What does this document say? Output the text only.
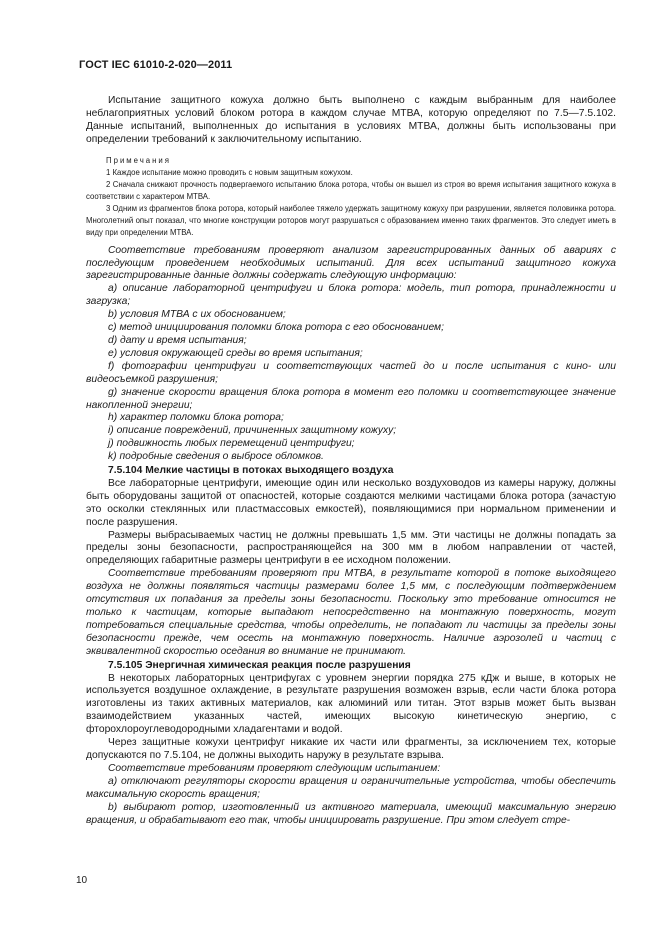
ГОСТ IEC 61010-2-020—2011

Испытание защитного кожуха должно быть выполнено с каждым выбранным для наиболее неблагоприятных условий блоком ротора в каждом случае МТВА, которую определяют по 7.5—7.5.102. Данные испытаний, выполненных до испытания в условиях МТВА, должны быть использованы при определении требований к заключительному испытанию.

Примечания

1 Каждое испытание можно проводить с новым защитным кожухом.

2 Сначала снижают прочность подвергаемого испытанию блока ротора, чтобы он вышел из строя во время испытания защитного кожуха в соответствии с характером МТВА.

3 Одним из фрагментов блока ротора, который наиболее тяжело удержать защитному кожуху при разрушении, является половинка ротора. Многолетний опыт показал, что многие конструкции роторов могут разрушаться с образованием именно таких фрагментов. Это следует иметь в виду при определении МТВА.

Соответствие требованиям проверяют анализом зарегистрированных данных об авариях с последующим проведением необходимых испытаний. Для всех испытаний защитного кожуха зарегистрированные данные должны содержать следующую информацию:

a) описание лабораторной центрифуги и блока ротора: модель, тип ротора, принадлежности и загрузка;

b) условия МТВА с их обоснованием;

c) метод инициирования поломки блока ротора с его обоснованием;

d) дату и время испытания;

e) условия окружающей среды во время испытания;

f) фотографии центрифуги и соответствующих частей до и после испытания с кино- или видеосъемкой разрушения;

g) значение скорости вращения блока ротора в момент его поломки и соответствующее значение накопленной энергии;

h) характер поломки блока ротора;

i) описание повреждений, причиненных защитному кожуху;

j) подвижность любых перемещений центрифуги;

k) подробные сведения о выбросе обломков.

7.5.104 Мелкие частицы в потоках выходящего воздуха

Все лабораторные центрифуги, имеющие один или несколько воздуховодов из камеры наружу, должны быть оборудованы защитой от опасностей, которые создаются мелкими частицами блока ротора (зачастую это осколки стеклянных или пластмассовых емкостей), появляющимися при нормальном применении и после разрушения.

Размеры выбрасываемых частиц не должны превышать 1,5 мм. Эти частицы не должны попадать за пределы зоны безопасности, распространяющейся на 300 мм в любом направлении от частей, определяющих габаритные размеры центрифуги в ее исходном положении.

Соответствие требованиям проверяют при МТВА, в результате которой в потоке выходящего воздуха не должны появляться частицы размерами более 1,5 мм, с последующим подтверждением отсутствия их попадания за пределы зоны безопасности. Поскольку это требование относится не только к частицам, которые выпадают непосредственно на монтажную поверхность, могут потребоваться специальные средства, чтобы определить, не попадают ли частицы за пределы зоны безопасности прежде, чем осесть на монтажную поверхность. Наличие аэрозолей и частиц с эквивалентной скоростью оседания во внимание не принимают.

7.5.105 Энергичная химическая реакция после разрушения

В некоторых лабораторных центрифугах с уровнем энергии порядка 275 кДж и выше, в которых не используется воздушное охлаждение, в результате разрушения возможен взрыв, если части блока ротора изготовлены из таких активных материалов, как алюминий или титан. Этот взрыв может быть вызван взаимодействием указанных частей, имеющих высокую кинетическую энергию, с фторохлороуглеводородными хладагентами и водой.

Через защитные кожухи центрифуг никакие их части или фрагменты, за исключением тех, которые допускаются по 7.5.104, не должны выходить наружу в результате взрыва.

Соответствие требованиям проверяют следующим испытанием:

a) отключают регуляторы скорости вращения и ограничительные устройства, чтобы обеспечить максимальную скорость вращения;

b) выбирают ротор, изготовленный из активного материала, имеющий максимальную энергию вращения, и обрабатывают его так, чтобы инициировать разрушение. При этом следует стре-

10
